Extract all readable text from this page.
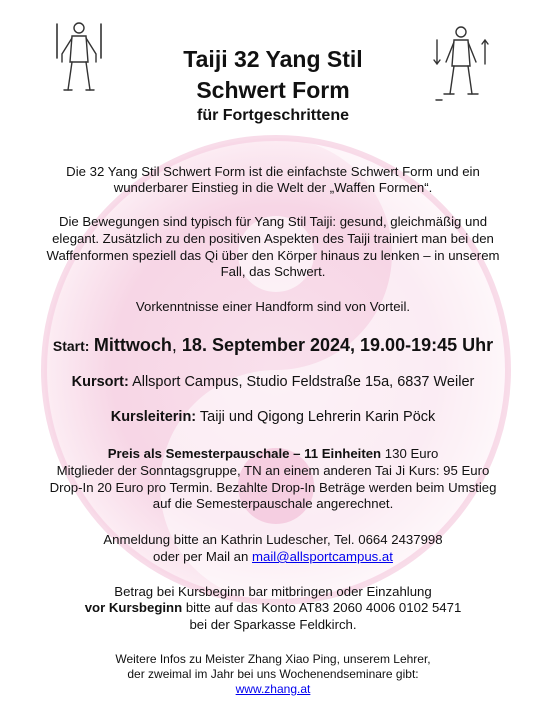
Taiji 32 Yang Stil
Schwert Form
für Fortgeschrittene
Die 32 Yang Stil Schwert Form ist die einfachste Schwert Form und ein
wunderbarer Einstieg in die Welt der „Waffen Formen“.
Die Bewegungen sind typisch für Yang Stil Taiji: gesund, gleichmäßig und
elegant. Zusätzlich zu den positiven Aspekten des Taiji trainiert man bei den
Waffenformen speziell das Qi über den Körper hinaus zu lenken – in unserem
Fall, das Schwert.
Vorkenntnisse einer Handform sind von Vorteil.
Start: Mittwoch, 18. September 2024, 19.00-19:45 Uhr
Kursort: Allsport Campus, Studio Feldstraße 15a, 6837 Weiler
Kursleiterin: Taiji und Qigong Lehrerin Karin Pöck
Preis als Semesterpauschale – 11 Einheiten 130 Euro
Mitglieder der Sonntagsgruppe, TN an einem anderen Tai Ji Kurs: 95 Euro
Drop-In 20 Euro pro Termin. Bezahlte Drop-In Beträge werden beim Umstieg
auf die Semesterpauschale angerechnet.
Anmeldung bitte an Kathrin Ludescher, Tel. 0664 2437998
oder per Mail an mail@allsportcampus.at
Betrag bei Kursbeginn bar mitbringen oder Einzahlung
vor Kursbeginn bitte auf das Konto AT83 2060 4006 0102 5471
bei der Sparkasse Feldkirch.
Weitere Infos zu Meister Zhang Xiao Ping, unserem Lehrer,
der zweimal im Jahr bei uns Wochenendseminare gibt:
www.zhang.at
